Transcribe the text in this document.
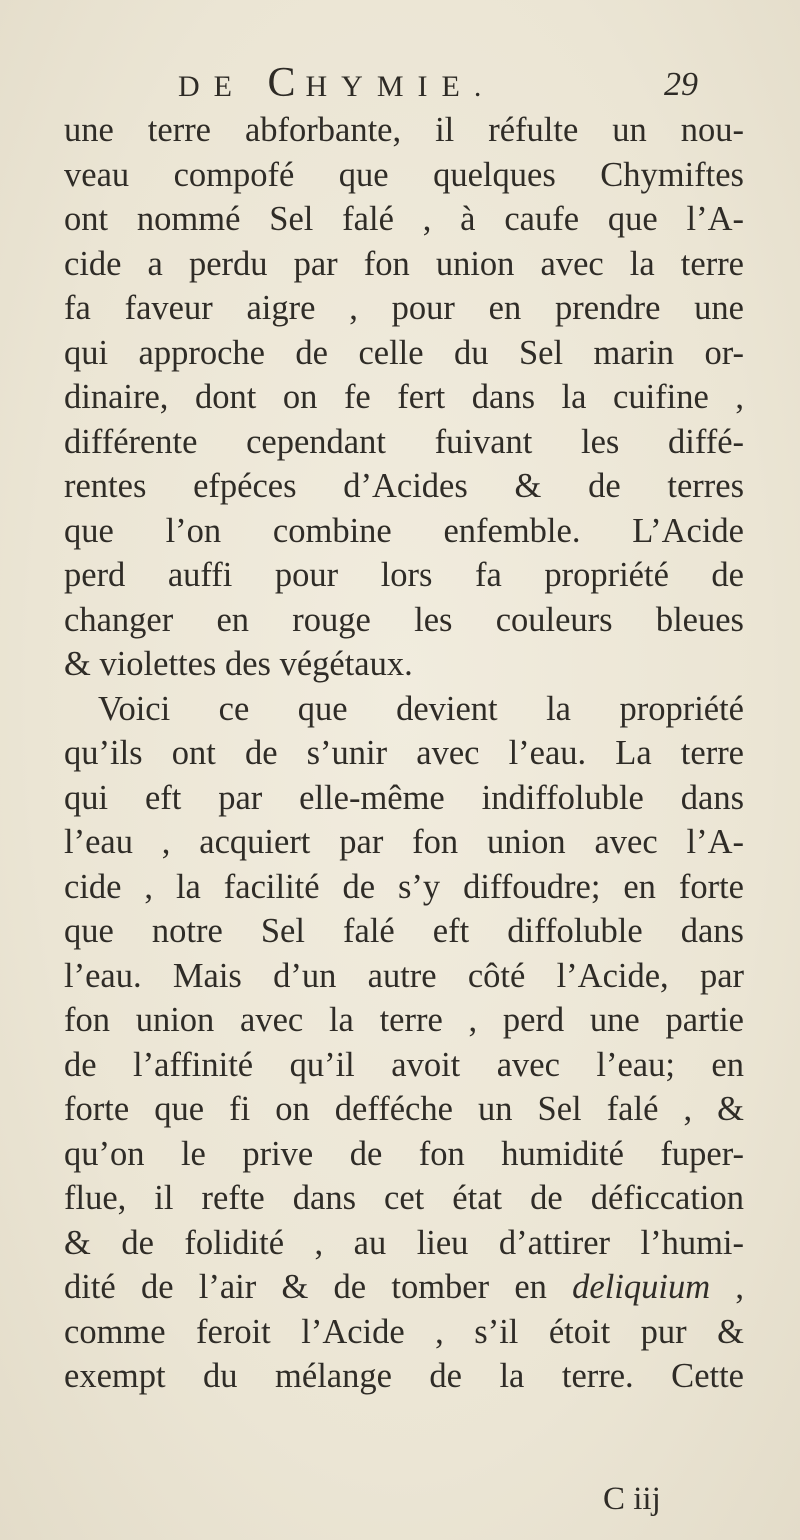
DE CHYMIE.	29
une terre abforbante, il réfulte un nou-
veau compofé que quelques Chymiftes
ont nommé Sel falé , à caufe que l’A-
cide a perdu par fon union avec la terre
fa faveur aigre , pour en prendre une
qui approche de celle du Sel marin or-
dinaire, dont on fe fert dans la cuifine ,
différente cependant fuivant les diffé-
rentes efpéces d’Acides & de terres
que l’on combine enfemble. L’Acide
perd auffi pour lors fa propriété de
changer en rouge les couleurs bleues
& violettes des végétaux.
Voici ce que devient la propriété
qu’ils ont de s’unir avec l’eau. La terre
qui eft par elle-même indiffoluble dans
l’eau , acquiert par fon union avec l’A-
cide , la facilité de s’y diffoudre; en forte
que notre Sel falé eft diffoluble dans
l’eau. Mais d’un autre côté l’Acide, par
fon union avec la terre , perd une partie
de l’affinité qu’il avoit avec l’eau; en
forte que fi on defféche un Sel falé , &
qu’on le prive de fon humidité fuper-
flue, il refte dans cet état de déficcation
& de folidité , au lieu d’attirer l’humi-
dité de l’air & de tomber en deliquium ,
comme feroit l’Acide , s’il étoit pur &
exempt du mélange de la terre. Cette
C iij
